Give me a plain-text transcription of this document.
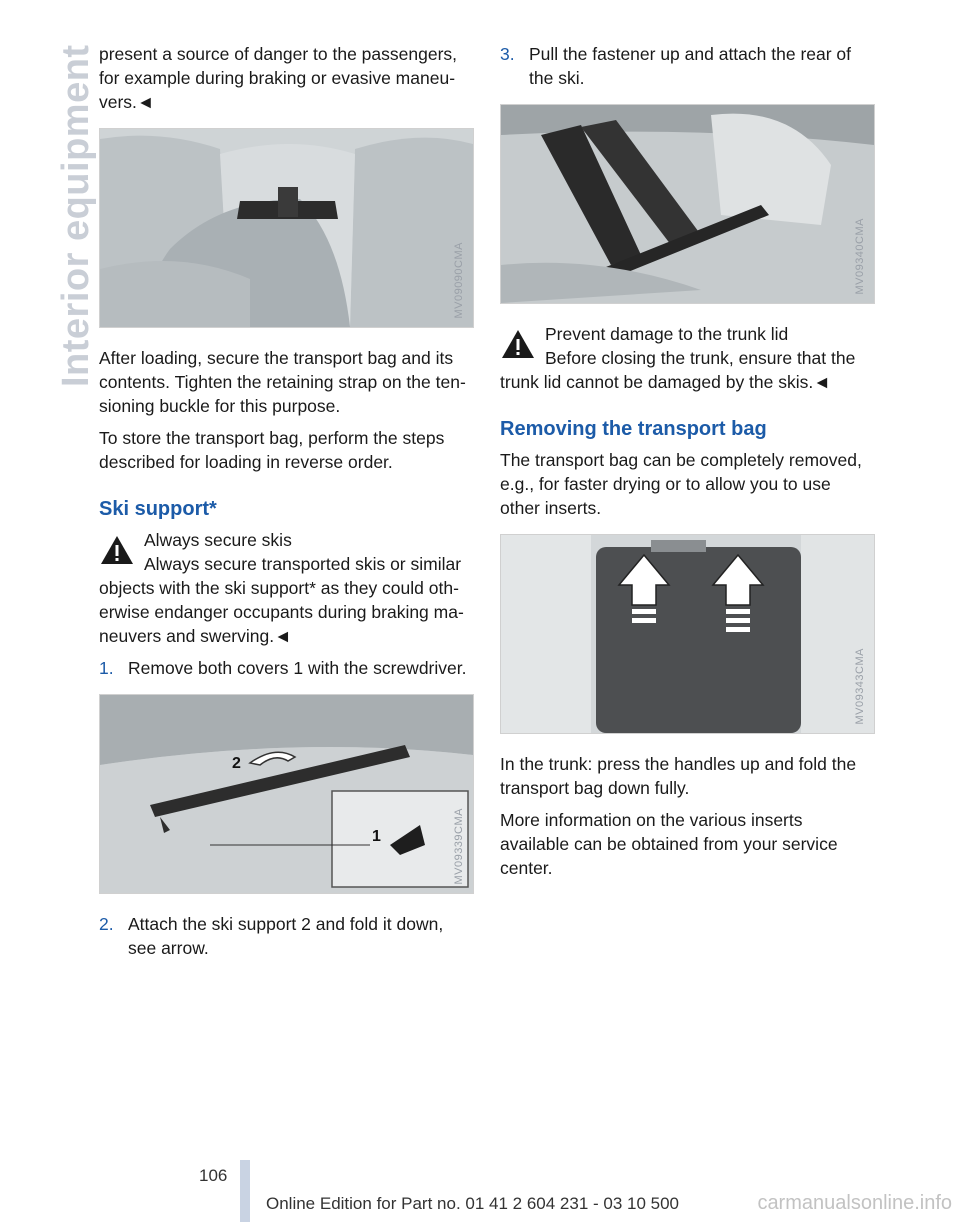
Interior equipment present a source of danger to the passengers, for example during braking or evasive maneu-vers.◄

MV09090CMA

After loading, secure the transport bag and its contents. Tighten the retaining strap on the ten-sioning buckle for this purpose.

To store the transport bag, perform the steps described for loading in reverse order.

Ski support*
Always secure skis
Always secure transported skis or similar objects with the ski support* as they could oth-erwise endanger occupants during braking ma-neuvers and swerving.◄
1. Remove both covers 1 with the screwdriver.
2
1	MV09339CMA
2. Attach the ski support 2 and fold it down, see arrow.
3. Pull the fastener up and attach the rear of the ski.
MV09340CMA
Prevent damage to the trunk lid
Before closing the trunk, ensure that the trunk lid cannot be damaged by the skis.◄
Removing the transport bag

The transport bag can be completely removed, e.g., for faster drying or to allow you to use other inserts.

MV09343CMA

In the trunk: press the handles up and fold the transport bag down fully.

More information on the various inserts available can be obtained from your service center.

106
Online Edition for Part no. 01 41 2 604 231 - 03 10 500	carmanualsonline.info
